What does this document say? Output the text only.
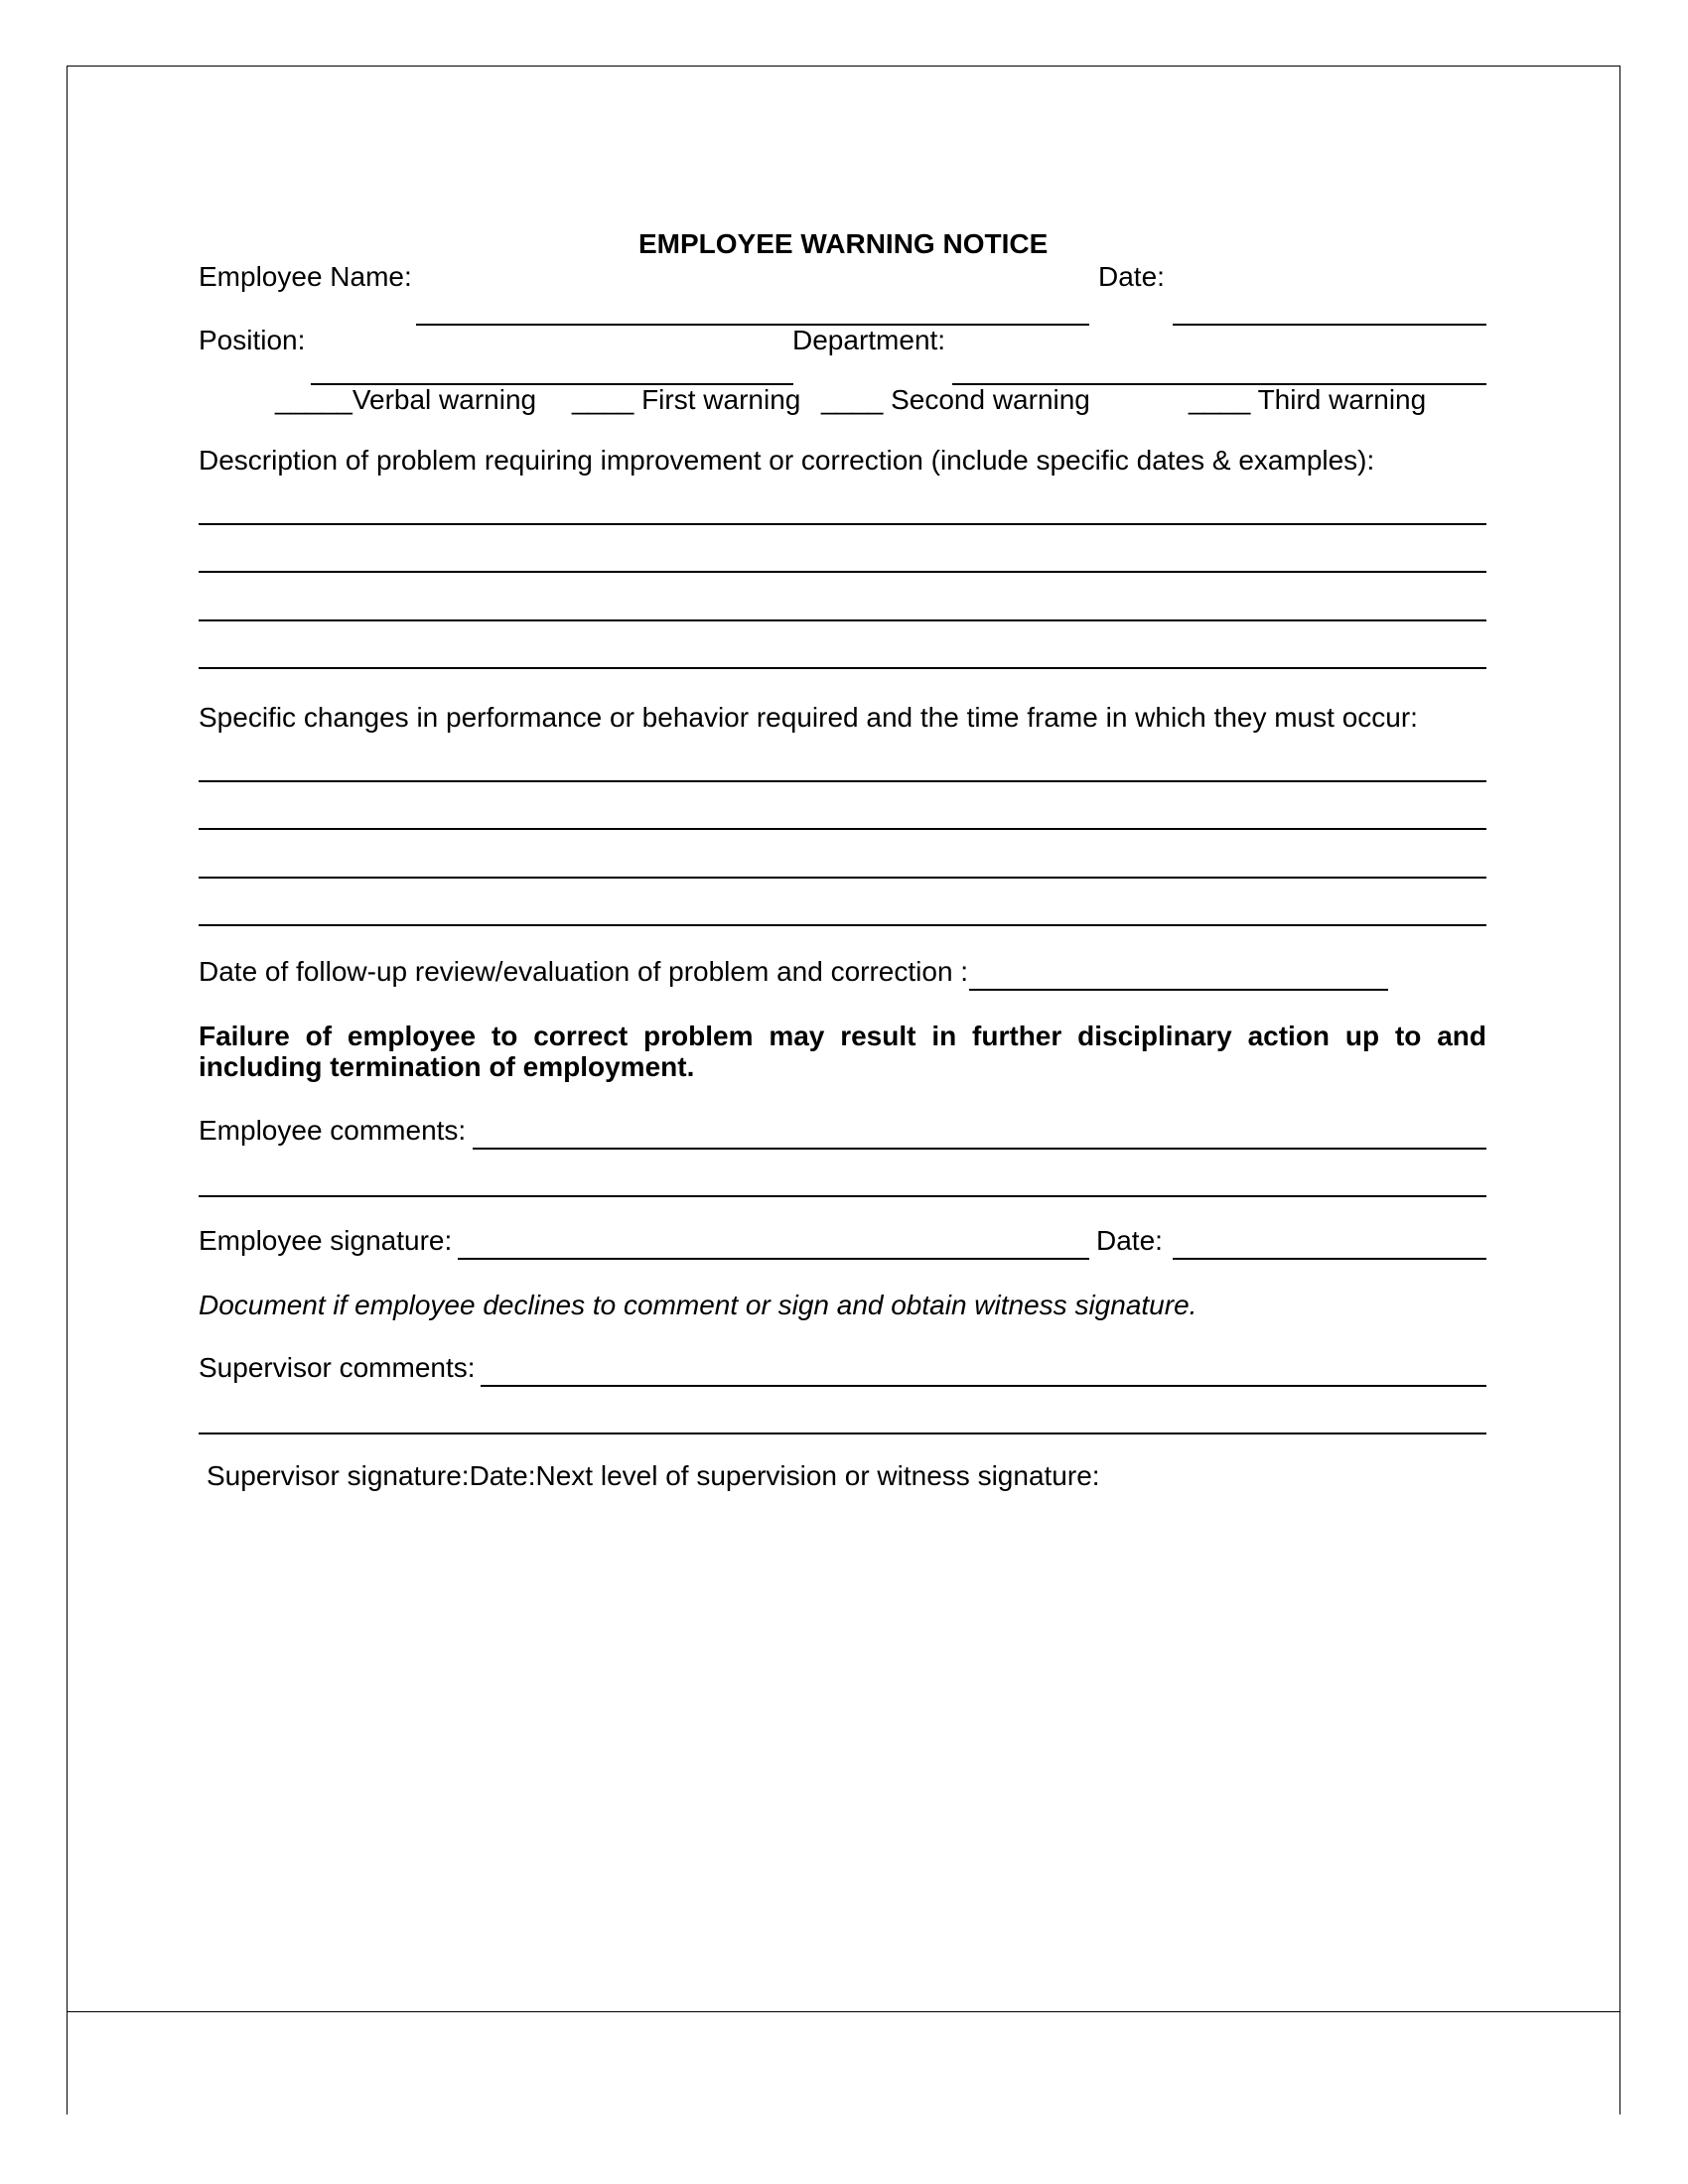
EMPLOYEE WARNING NOTICE
Employee Name:	Date:
Position:	Department:
_____Verbal warning ____ First warning ____ Second warning	____ Third warning
Description of problem requiring improvement or correction (include specific dates & examples):
Specific changes in performance or behavior required and the time frame in which they must occur:
Date of follow-up review/evaluation of problem and correction :
Failure of employee to correct problem may result in further disciplinary action up to and
including termination of employment.
Employee comments:
Employee signature:	Date:
Document if employee declines to comment or sign and obtain witness signature.
Supervisor comments:
Supervisor signature:Date:Next level of supervision or witness signature:
